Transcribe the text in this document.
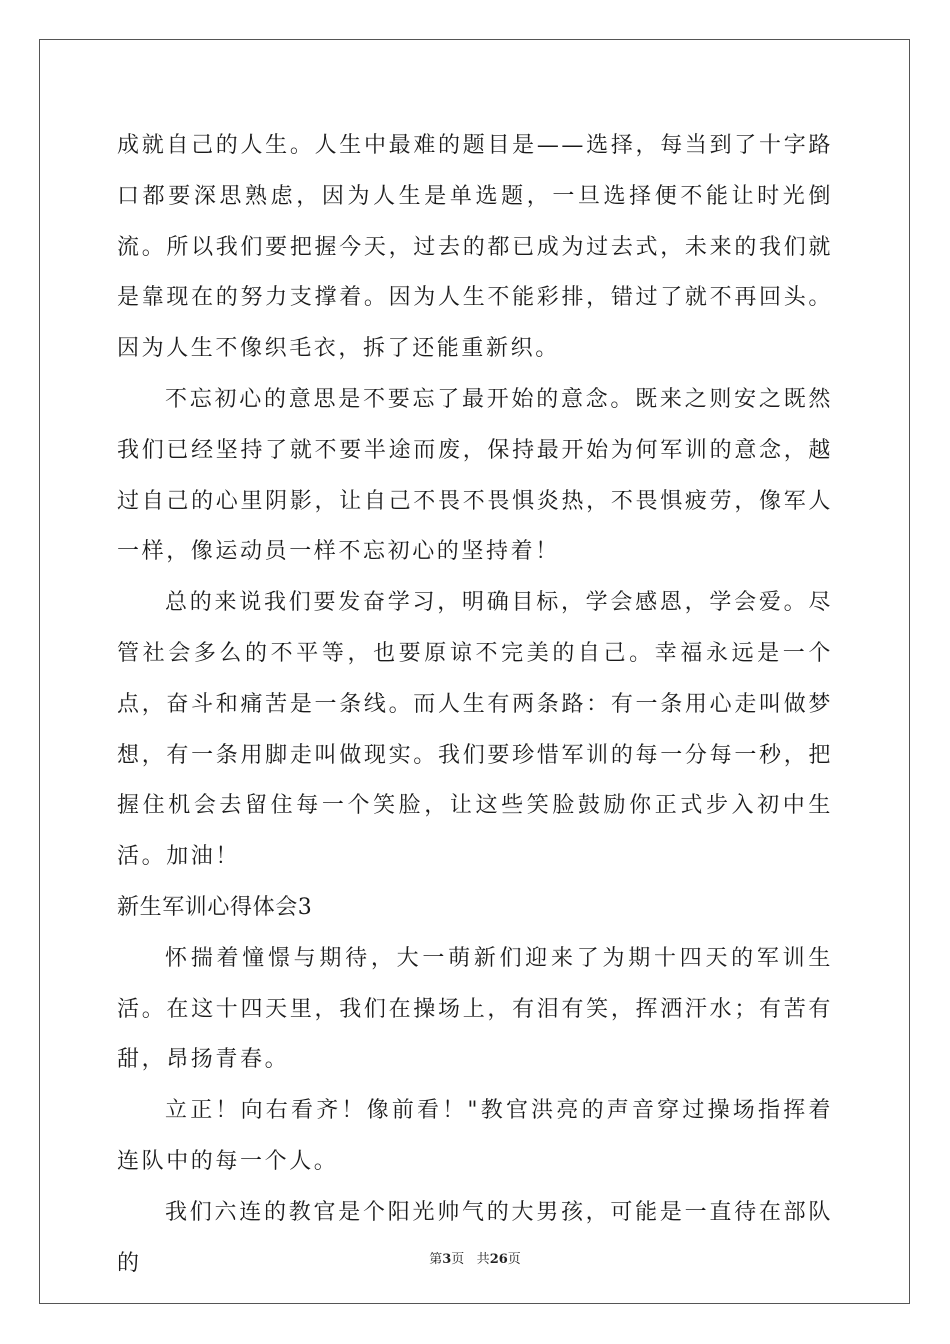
成就自己的人生。人生中最难的题目是——选择，每当到了十字路口都要深思熟虑，因为人生是单选题，一旦选择便不能让时光倒流。所以我们要把握今天，过去的都已成为过去式，未来的我们就是靠现在的努力支撑着。因为人生不能彩排，错过了就不再回头。因为人生不像织毛衣，拆了还能重新织。

不忘初心的意思是不要忘了最开始的意念。既来之则安之既然我们已经坚持了就不要半途而废，保持最开始为何军训的意念，越过自己的心里阴影，让自己不畏不畏惧炎热，不畏惧疲劳，像军人一样，像运动员一样不忘初心的坚持着！

总的来说我们要发奋学习，明确目标，学会感恩，学会爱。尽管社会多么的不平等，也要原谅不完美的自己。幸福永远是一个点，奋斗和痛苦是一条线。而人生有两条路：有一条用心走叫做梦想，有一条用脚走叫做现实。我们要珍惜军训的每一分每一秒，把握住机会去留住每一个笑脸，让这些笑脸鼓励你正式步入初中生活。加油！

新生军训心得体会3

怀揣着憧憬与期待，大一萌新们迎来了为期十四天的军训生活。在这十四天里，我们在操场上，有泪有笑，挥洒汗水；有苦有甜，昂扬青春。

立正！向右看齐！像前看！"教官洪亮的声音穿过操场指挥着连队中的每一个人。

我们六连的教官是个阳光帅气的大男孩，可能是一直待在部队的	第3页 共26页
